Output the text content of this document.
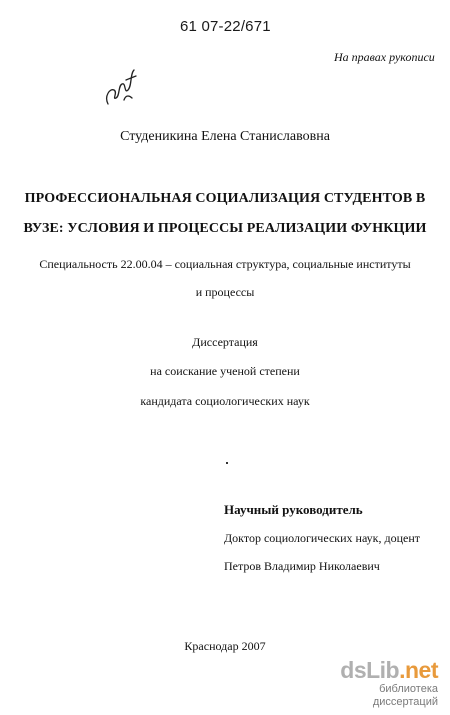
61 07-22/671
На правах рукописи
Студеникина Елена Станиславовна
ПРОФЕССИОНАЛЬНАЯ СОЦИАЛИЗАЦИЯ СТУДЕНТОВ В
ВУЗЕ: УСЛОВИЯ И ПРОЦЕССЫ РЕАЛИЗАЦИИ ФУНКЦИИ
Специальность 22.00.04 – социальная структура, социальные институты
и процессы
Диссертация
на соискание ученой степени
кандидата социологических наук
Научный руководитель
Доктор социологических наук, доцент
Петров Владимир Николаевич
Краснодар 2007
dsLib.net
библиотека диссертаций
